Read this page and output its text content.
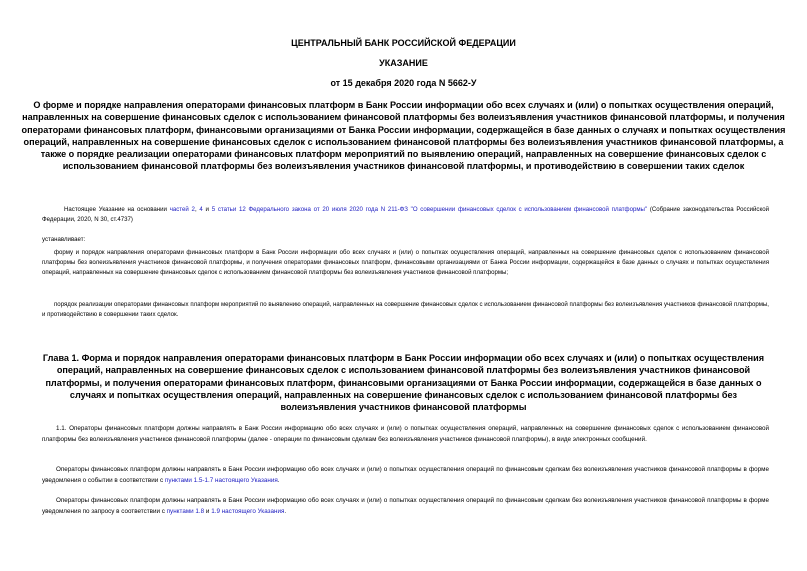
ЦЕНТРАЛЬНЫЙ БАНК РОССИЙСКОЙ ФЕДЕРАЦИИ
УКАЗАНИЕ
от 15 декабря 2020 года N 5662-У
О форме и порядке направления операторами финансовых платформ в Банк России информации обо всех случаях и (или) о попытках осуществления операций, направленных на совершение финансовых сделок с использованием финансовой платформы без волеизъявления участников финансовой платформы, и получения операторами финансовых платформ, финансовыми организациями от Банка России информации, содержащейся в базе данных о случаях и попытках осуществления операций, направленных на совершение финансовых сделок с использованием финансовой платформы без волеизъявления участников финансовой платформы, а также о порядке реализации операторами финансовых платформ мероприятий по выявлению операций, направленных на совершение финансовых сделок с использованием финансовой платформы без волеизъявления участников финансовой платформы, и противодействию в совершении таких сделок
Настоящее Указание на основании частей 2, 4 и 5 статьи 12 Федерального закона от 20 июля 2020 года N 211-ФЗ "О совершении финансовых сделок с использованием финансовой платформы" (Собрание законодательства Российской Федерации, 2020, N 30, ст.4737)
устанавливает:
форму и порядок направления операторами финансовых платформ в Банк России информации обо всех случаях и (или) о попытках осуществления операций, направленных на совершение финансовых сделок с использованием финансовой платформы без волеизъявления участников финансовой платформы, и получения операторами финансовых платформ, финансовыми организациями от Банка России информации, содержащейся в базе данных о случаях и попытках осуществления операций, направленных на совершение финансовых сделок с использованием финансовой платформы без волеизъявления участников финансовой платформы;
порядок реализации операторами финансовых платформ мероприятий по выявлению операций, направленных на совершение финансовых сделок с использованием финансовой платформы без волеизъявления участников финансовой платформы, и противодействию в совершении таких сделок.
Глава 1. Форма и порядок направления операторами финансовых платформ в Банк России информации обо всех случаях и (или) о попытках осуществления операций, направленных на совершение финансовых сделок с использованием финансовой платформы без волеизъявления участников финансовой платформы, и получения операторами финансовых платформ, финансовыми организациями от Банка России информации, содержащейся в базе данных о случаях и попытках осуществления операций, направленных на совершение финансовых сделок с использованием финансовой платформы без волеизъявления участников финансовой платформы
1.1. Операторы финансовых платформ должны направлять в Банк России информацию обо всех случаях и (или) о попытках осуществления операций, направленных на совершение финансовых сделок с использованием финансовой платформы без волеизъявления участников финансовой платформы (далее - операции по финансовым сделкам без волеизъявления участников финансовой платформы), в виде электронных сообщений.
Операторы финансовых платформ должны направлять в Банк России информацию обо всех случаях и (или) о попытках осуществления операций по финансовым сделкам без волеизъявления участников финансовой платформы в форме уведомления о событии в соответствии с пунктами 1.5-1.7 настоящего Указания.
Операторы финансовых платформ должны направлять в Банк России информацию обо всех случаях и (или) о попытках осуществления операций по финансовым сделкам без волеизъявления участников финансовой платформы в форме уведомления по запросу в соответствии с пунктами 1.8 и 1.9 настоящего Указания.
